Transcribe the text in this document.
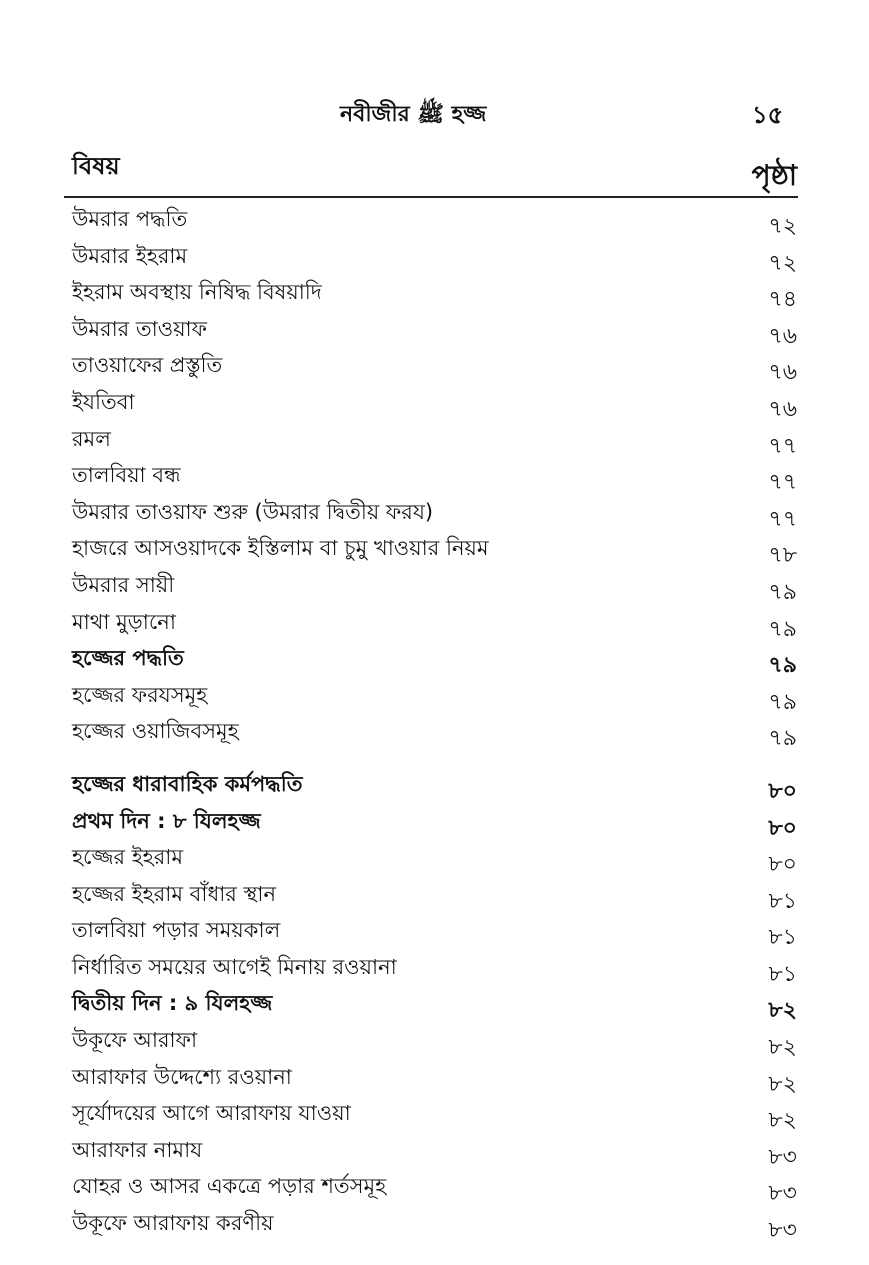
নবীজীর ﷺ হজ্জ	১৫
বিষয়	পৃষ্ঠা
উমরার পদ্ধতি	৭২
উমরার ইহরাম	৭২
ইহরাম অবস্থায় নিষিদ্ধ বিষয়াদি	৭৪
উমরার তাওয়াফ	৭৬
তাওয়াফের প্রস্তুতি	৭৬
ইযতিবা	৭৬
রমল	৭৭
তালবিয়া বন্ধ	৭৭
উমরার তাওয়াফ শুরু (উমরার দ্বিতীয় ফরয)	৭৭
হাজরে আসওয়াদকে ইস্তিলাম বা চুমু খাওয়ার নিয়ম	৭৮
উমরার সায়ী	৭৯
মাথা মুড়ানো	৭৯
হজ্জের পদ্ধতি	৭৯
হজ্জের ফরযসমূহ	৭৯
হজ্জের ওয়াজিবসমূহ	৭৯
হজ্জের ধারাবাহিক কর্মপদ্ধতি	৮০
প্রথম দিন : ৮ যিলহজ্জ	৮০
হজ্জের ইহরাম	৮০
হজ্জের ইহরাম বাঁধার স্থান	৮১
তালবিয়া পড়ার সময়কাল	৮১
নির্ধারিত সময়ের আগেই মিনায় রওয়ানা	৮১
দ্বিতীয় দিন : ৯ যিলহজ্জ	৮২
উকূফে আরাফা	৮২
আরাফার উদ্দেশ্যে রওয়ানা	৮২
সূর্যোদয়ের আগে আরাফায় যাওয়া	৮২
আরাফার নামায	৮৩
যোহর ও আসর একত্রে পড়ার শর্তসমূহ	৮৩
উকূফে আরাফায় করণীয়	৮৩
